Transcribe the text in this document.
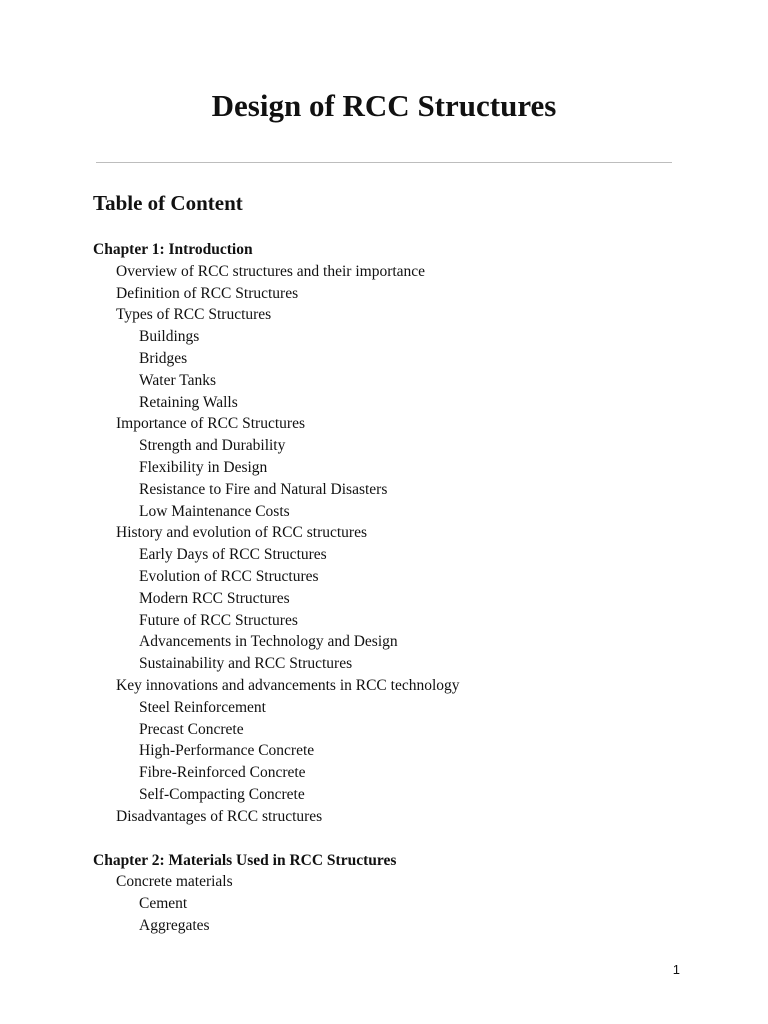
Design of RCC Structures
Table of Content
Chapter 1: Introduction
Overview of RCC structures and their importance
Definition of RCC Structures
Types of RCC Structures
Buildings
Bridges
Water Tanks
Retaining Walls
Importance of RCC Structures
Strength and Durability
Flexibility in Design
Resistance to Fire and Natural Disasters
Low Maintenance Costs
History and evolution of RCC structures
Early Days of RCC Structures
Evolution of RCC Structures
Modern RCC Structures
Future of RCC Structures
Advancements in Technology and Design
Sustainability and RCC Structures
Key innovations and advancements in RCC technology
Steel Reinforcement
Precast Concrete
High-Performance Concrete
Fibre-Reinforced Concrete
Self-Compacting Concrete
Disadvantages of RCC structures
Chapter 2: Materials Used in RCC Structures
Concrete materials
Cement
Aggregates
1
